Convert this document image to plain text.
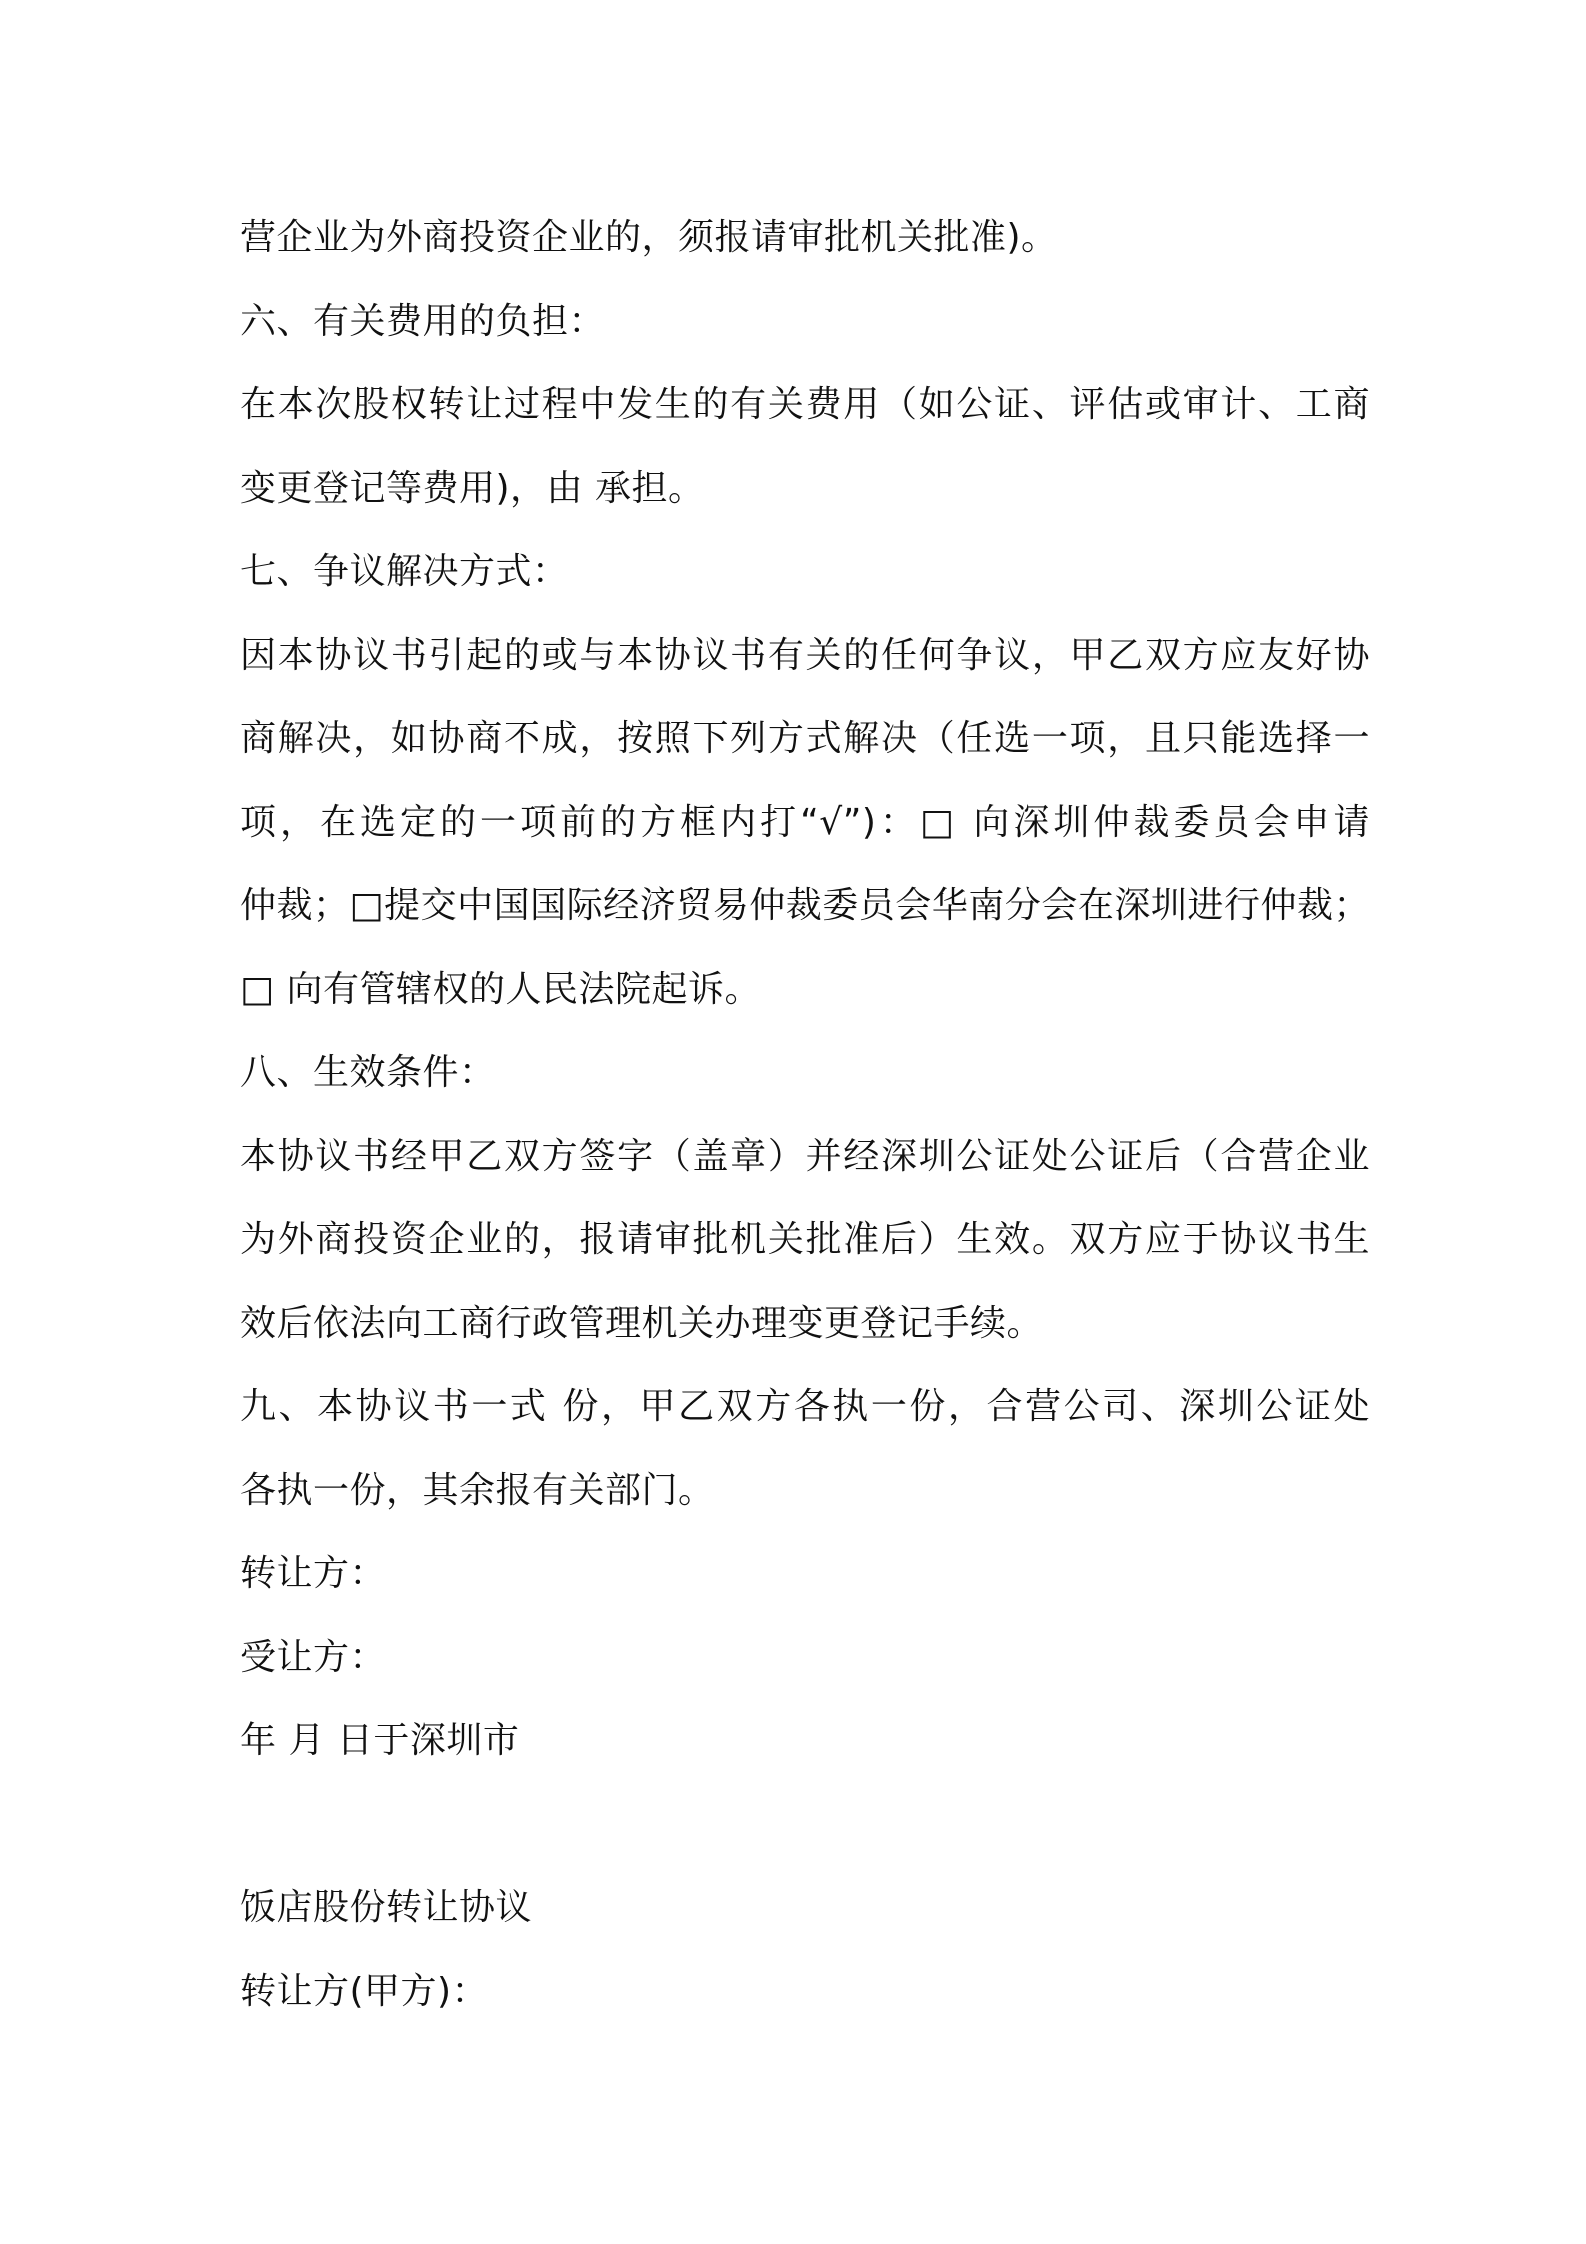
营企业为外商投资企业的，须报请审批机关批准)。
六、有关费用的负担：
在本次股权转让过程中发生的有关费用（如公证、评估或审计、工商
变更登记等费用)，由 承担。
七、争议解决方式：
因本协议书引起的或与本协议书有关的任何争议，甲乙双方应友好协
商解决，如协商不成，按照下列方式解决（任选一项，且只能选择一
项，在选定的一项前的方框内打“√”)：□ 向深圳仲裁委员会申请
仲裁；□提交中国国际经济贸易仲裁委员会华南分会在深圳进行仲裁；
□ 向有管辖权的人民法院起诉。
八、生效条件：
本协议书经甲乙双方签字（盖章）并经深圳公证处公证后（合营企业
为外商投资企业的，报请审批机关批准后）生效。双方应于协议书生
效后依法向工商行政管理机关办理变更登记手续。
九、本协议书一式 份，甲乙双方各执一份，合营公司、深圳公证处
各执一份，其余报有关部门。
转让方：
受让方：
年 月 日于深圳市
饭店股份转让协议
转让方(甲方)：
